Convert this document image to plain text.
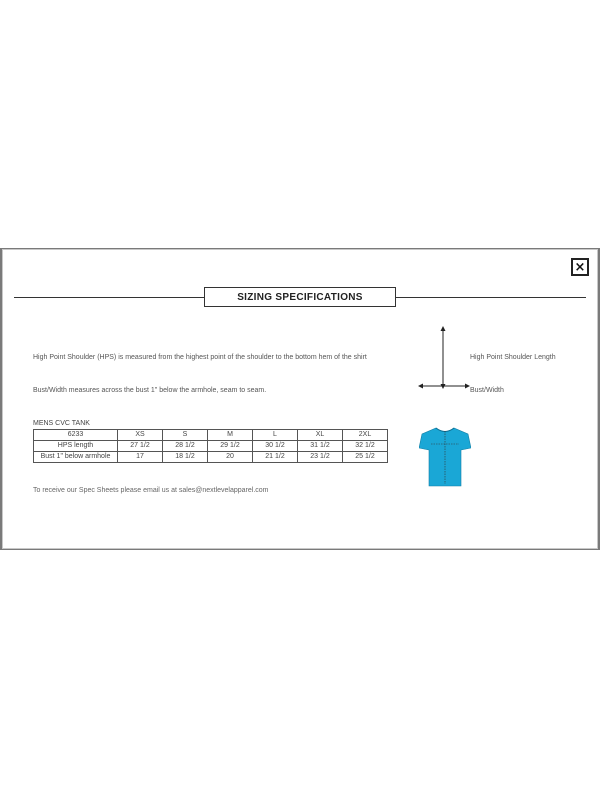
×
SIZING SPECIFICATIONS
High Point Shoulder (HPS) is measured from the highest point of the shoulder to the bottom hem of the shirt
Bust/Width measures across the bust 1" below the armhole, seam to seam.
High Point Shoulder Length
Bust/Width
MENS CVC TANK
6233	XS	S	M	L	XL	2XL
HPS length	27 1/2	28 1/2	29 1/2	30 1/2	31 1/2	32 1/2
Bust 1" below armhole	17	18 1/2	20	21 1/2	23 1/2	25 1/2
To receive our Spec Sheets please email us at sales@nextlevelapparel.com
